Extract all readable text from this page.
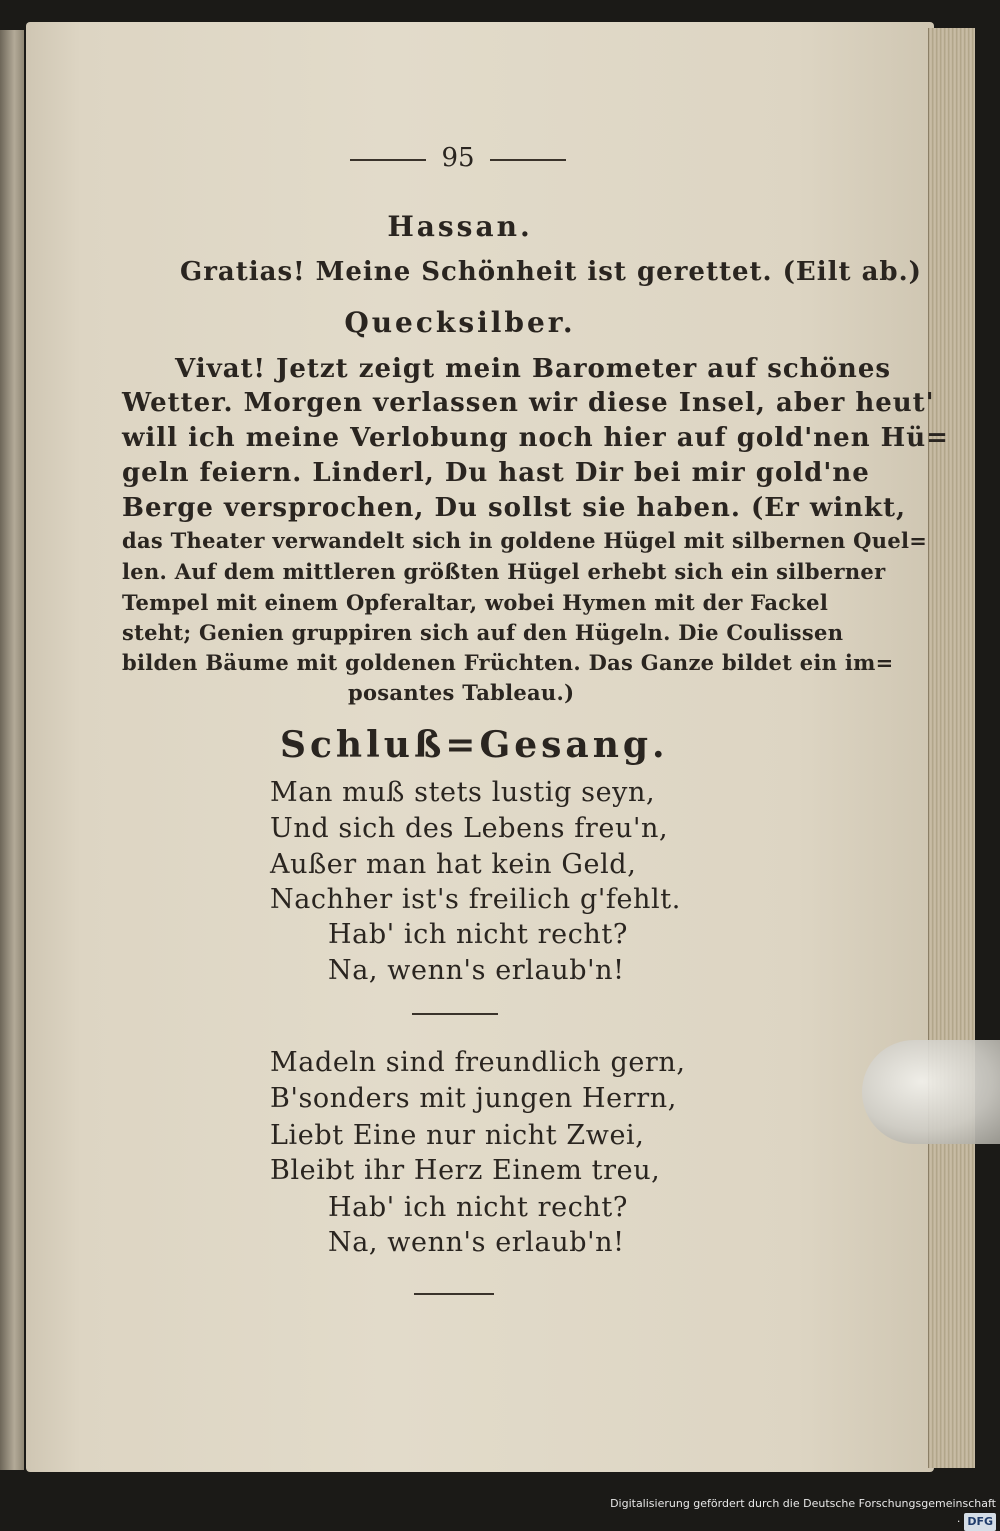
95
Hassan.
Gratias! Meine Schönheit ist gerettet. (Eilt ab.)
Quecksilber.
Vivat! Jetzt zeigt mein Barometer auf schönes
Wetter. Morgen verlassen wir diese Insel, aber heut'
will ich meine Verlobung noch hier auf gold'nen Hü=
geln feiern. Linderl, Du hast Dir bei mir gold'ne
Berge versprochen, Du sollst sie haben. (Er winkt,
das Theater verwandelt sich in goldene Hügel mit silbernen Quel=
len. Auf dem mittleren größten Hügel erhebt sich ein silberner
Tempel mit einem Opferaltar, wobei Hymen mit der Fackel
steht; Genien gruppiren sich auf den Hügeln. Die Coulissen
bilden Bäume mit goldenen Früchten. Das Ganze bildet ein im=
posantes Tableau.)
Schluß=Gesang.
Man muß stets lustig seyn,
Und sich des Lebens freu'n,
Außer man hat kein Geld,
Nachher ist's freilich g'fehlt.
Hab' ich nicht recht?
Na, wenn's erlaub'n!
Madeln sind freundlich gern,
B'sonders mit jungen Herrn,
Liebt Eine nur nicht Zwei,
Bleibt ihr Herz Einem treu,
Hab' ich nicht recht?
Na, wenn's erlaub'n!
Digitalisierung gefördert durch die Deutsche Forschungsgemeinschaft · DFG
